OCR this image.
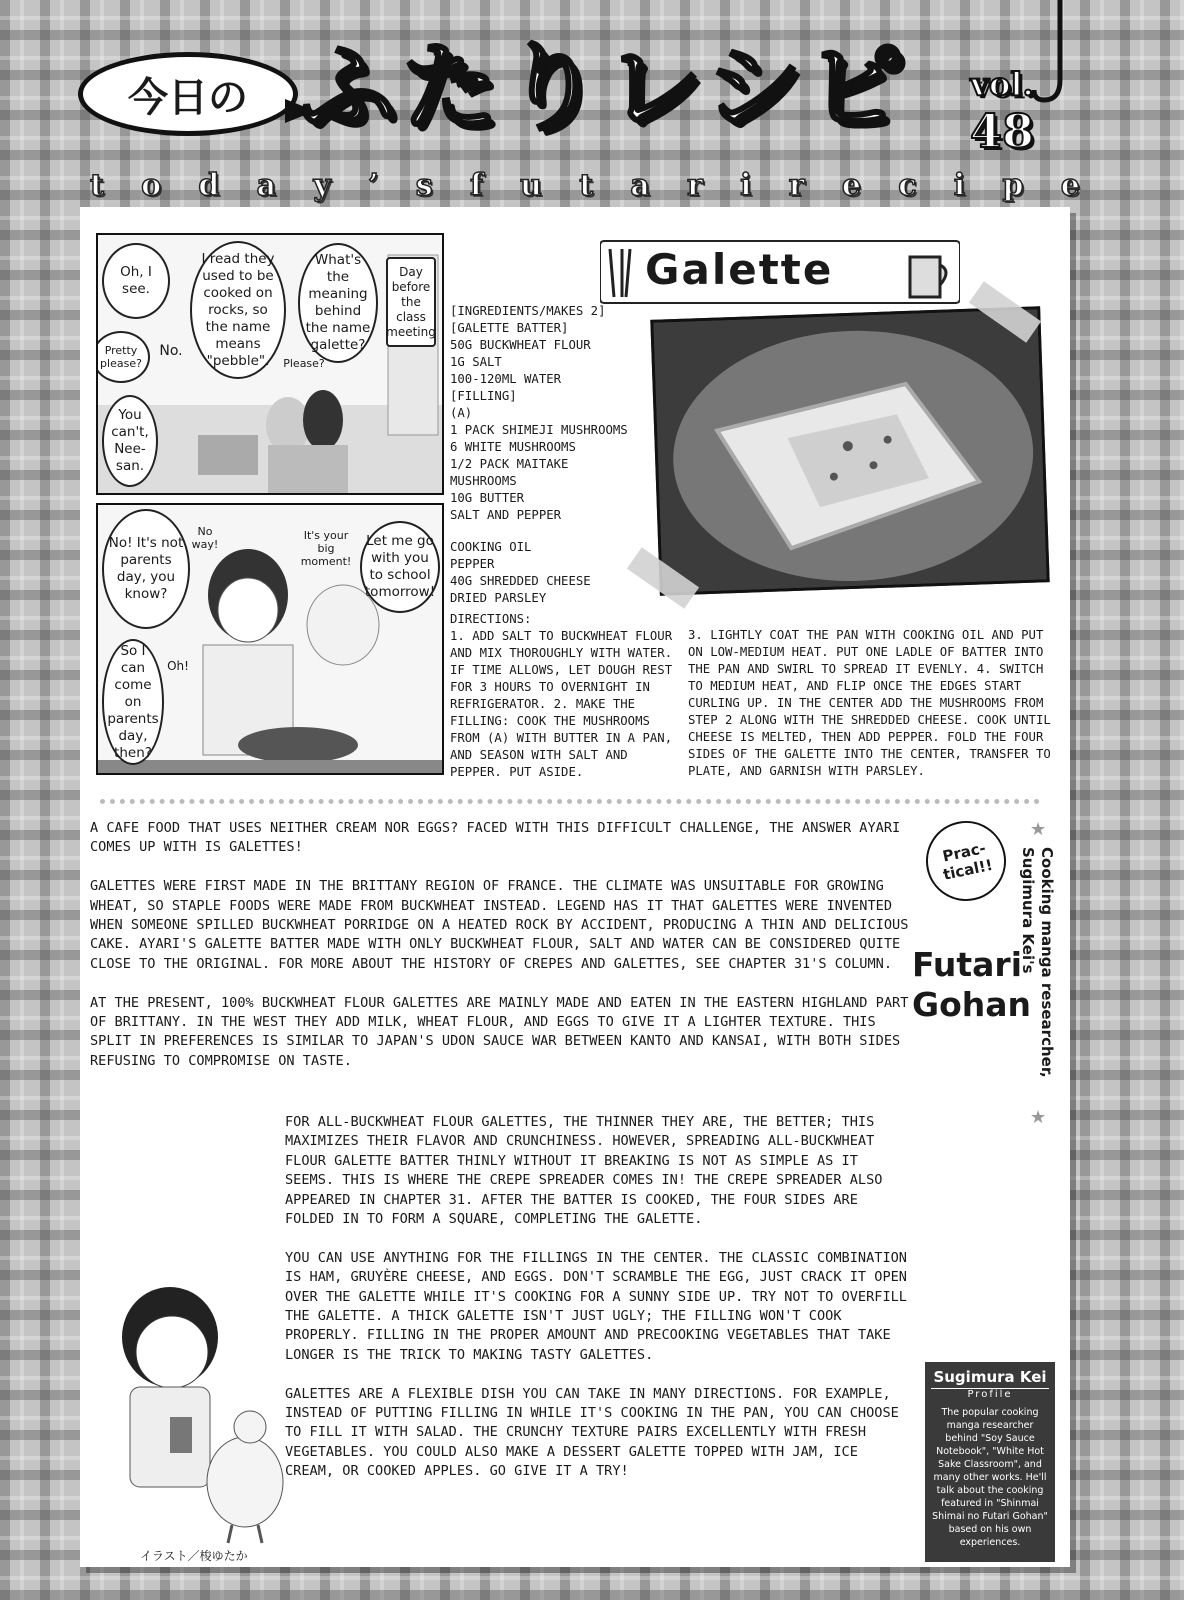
今日の ふたりレシピ	vol.
48
t o d a y ’ s f u t a r i r e c i p e
Oh, I see.
I read they used to be cooked on rocks, so the name means "pebble".
What's the meaning behind the name galette?
Day before the class meeting
Pretty please?
No.
Please?
You can't, Nee-san.
No! It's not parents day, you know?
No way!
It's your big moment!
Let me go with you to school tomorrow!
So I can come on parents day, then?
Oh!
Galette
[INGREDIENTS/MAKES 2]
[GALETTE BATTER]
50G BUCKWHEAT FLOUR
1G SALT
100-120ML WATER
[FILLING]
(A)
1 PACK SHIMEJI MUSHROOMS
6 WHITE MUSHROOMS
1/2 PACK MAITAKE
MUSHROOMS
10G BUTTER
SALT AND PEPPER
COOKING OIL
PEPPER
40G SHREDDED CHEESE
DRIED PARSLEY
DIRECTIONS:
1. ADD SALT TO BUCKWHEAT FLOUR AND MIX THOROUGHLY WITH WATER. IF TIME ALLOWS, LET DOUGH REST FOR 3 HOURS TO OVERNIGHT IN REFRIGERATOR. 2. MAKE THE FILLING: COOK THE MUSHROOMS FROM (A) WITH BUTTER IN A PAN, AND SEASON WITH SALT AND PEPPER. PUT ASIDE.
3. LIGHTLY COAT THE PAN WITH COOKING OIL AND PUT ON LOW-MEDIUM HEAT. PUT ONE LADLE OF BATTER INTO THE PAN AND SWIRL TO SPREAD IT EVENLY. 4. SWITCH TO MEDIUM HEAT, AND FLIP ONCE THE EDGES START CURLING UP. IN THE CENTER ADD THE MUSHROOMS FROM STEP 2 ALONG WITH THE SHREDDED CHEESE. COOK UNTIL CHEESE IS MELTED, THEN ADD PEPPER. FOLD THE FOUR SIDES OF THE GALETTE INTO THE CENTER, TRANSFER TO PLATE, AND GARNISH WITH PARSLEY.

A CAFE FOOD THAT USES NEITHER CREAM NOR EGGS? FACED WITH THIS DIFFICULT CHALLENGE, THE ANSWER AYARI COMES UP WITH IS GALETTES!

GALETTES WERE FIRST MADE IN THE BRITTANY REGION OF FRANCE. THE CLIMATE WAS UNSUITABLE FOR GROWING WHEAT, SO STAPLE FOODS WERE MADE FROM BUCKWHEAT INSTEAD. LEGEND HAS IT THAT GALETTES WERE INVENTED WHEN SOMEONE SPILLED BUCKWHEAT PORRIDGE ON A HEATED ROCK BY ACCIDENT, PRODUCING A THIN AND DELICIOUS CAKE. AYARI'S GALETTE BATTER MADE WITH ONLY BUCKWHEAT FLOUR, SALT AND WATER CAN BE CONSIDERED QUITE CLOSE TO THE ORIGINAL. FOR MORE ABOUT THE HISTORY OF CREPES AND GALETTES, SEE CHAPTER 31'S COLUMN.

AT THE PRESENT, 100% BUCKWHEAT FLOUR GALETTES ARE MAINLY MADE AND EATEN IN THE EASTERN HIGHLAND PART OF BRITTANY. IN THE WEST THEY ADD MILK, WHEAT FLOUR, AND EGGS TO GIVE IT A LIGHTER TEXTURE. THIS SPLIT IN PREFERENCES IS SIMILAR TO JAPAN'S UDON SAUCE WAR BETWEEN KANTO AND KANSAI, WITH BOTH SIDES REFUSING TO COMPROMISE ON TASTE.

FOR ALL-BUCKWHEAT FLOUR GALETTES, THE THINNER THEY ARE, THE BETTER; THIS MAXIMIZES THEIR FLAVOR AND CRUNCHINESS. HOWEVER, SPREADING ALL-BUCKWHEAT FLOUR GALETTE BATTER THINLY WITHOUT IT BREAKING IS NOT AS SIMPLE AS IT SEEMS. THIS IS WHERE THE CREPE SPREADER COMES IN! THE CREPE SPREADER ALSO APPEARED IN CHAPTER 31. AFTER THE BATTER IS COOKED, THE FOUR SIDES ARE FOLDED IN TO FORM A SQUARE, COMPLETING THE GALETTE.

YOU CAN USE ANYTHING FOR THE FILLINGS IN THE CENTER. THE CLASSIC COMBINATION IS HAM, GRUYÈRE CHEESE, AND EGGS. DON'T SCRAMBLE THE EGG, JUST CRACK IT OPEN OVER THE GALETTE WHILE IT'S COOKING FOR A SUNNY SIDE UP. TRY NOT TO OVERFILL THE GALETTE. A THICK GALETTE ISN'T JUST UGLY; THE FILLING WON'T COOK PROPERLY. FILLING IN THE PROPER AMOUNT AND PRECOOKING VEGETABLES THAT TAKE LONGER IS THE TRICK TO MAKING TASTY GALETTES.

GALETTES ARE A FLEXIBLE DISH YOU CAN TAKE IN MANY DIRECTIONS. FOR EXAMPLE, INSTEAD OF PUTTING FILLING IN WHILE IT'S COOKING IN THE PAN, YOU CAN CHOOSE TO FILL IT WITH SALAD. THE CRUNCHY TEXTURE PAIRS EXCELLENTLY WITH FRESH VEGETABLES. YOU COULD ALSO MAKE A DESSERT GALETTE TOPPED WITH JAM, ICE CREAM, OR COOKED APPLES. GO GIVE IT A TRY!

イラスト／梭ゆたか
★
★
Prac-tical!!	Cooking manga researcher, Sugimura Kei's
Futari
Gohan
Sugimura Kei
Profile
The popular cooking manga researcher behind "Soy Sauce Notebook", "White Hot Sake Classroom", and many other works. He'll talk about the cooking featured in "Shinmai Shimai no Futari Gohan" based on his own experiences.
